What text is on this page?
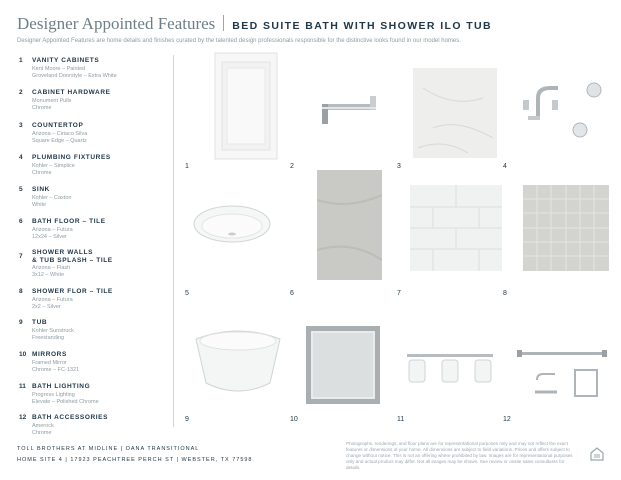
Designer Appointed Features BED SUITE BATH WITH SHOWER ILO TUB
Designer Appointed Features are home details and finishes curated by the talented design professionals responsible for the distinctive looks found in our model homes.
1	VANITY CABINETS
Kent Moore – Painted
Groveland Doorstyle – Extra White
2	CABINET HARDWARE
Monument Pulls
Chrome
3	COUNTERTOP
Arizona – Ciriaco Silva
Square Edge – Quartz
4	PLUMBING FIXTURES
Kohler – Simplice
Chrome
5	SINK
Kohler – Caxton
White
6	BATH FLOOR – TILE
Arizona – Futura
12x24 – Silver
7
SHOWER WALLS
& TUB SPLASH – TILE
Arizona – Flash
3x12 – White
8	SHOWER FLOR – TILE
Arizona – Futura
2x2 – Silver
9	TUB
Kohler Sunstruck
Freestanding
10 MIRRORS
Framed Mirror
Chrome – FC-1321
11 BATH LIGHTING
Progress Lighting
Elevate – Polished Chrome
12 BATH ACCESSORIES
Amerock
Chrome
1	2	3	4
5	6	7	8
9	10	11	12
TOLL BROTHERS AT MIDLINE | OANA TRANSITIONAL
HOME SITE 4 | 17923 PEACHTREE PERCH ST | WEBSTER, TX 77598
Photographs, renderings, and floor plans are for representational purposes only and may not reflect the exact features or dimensions of your home. All dimensions are subject to field variations. Prices and offers subject to change without notice. This is not an offering where prohibited by law. Images are for representational purposes only and actual product may differ. Not all images may be shown. See review or onsite sales consultants for details.
